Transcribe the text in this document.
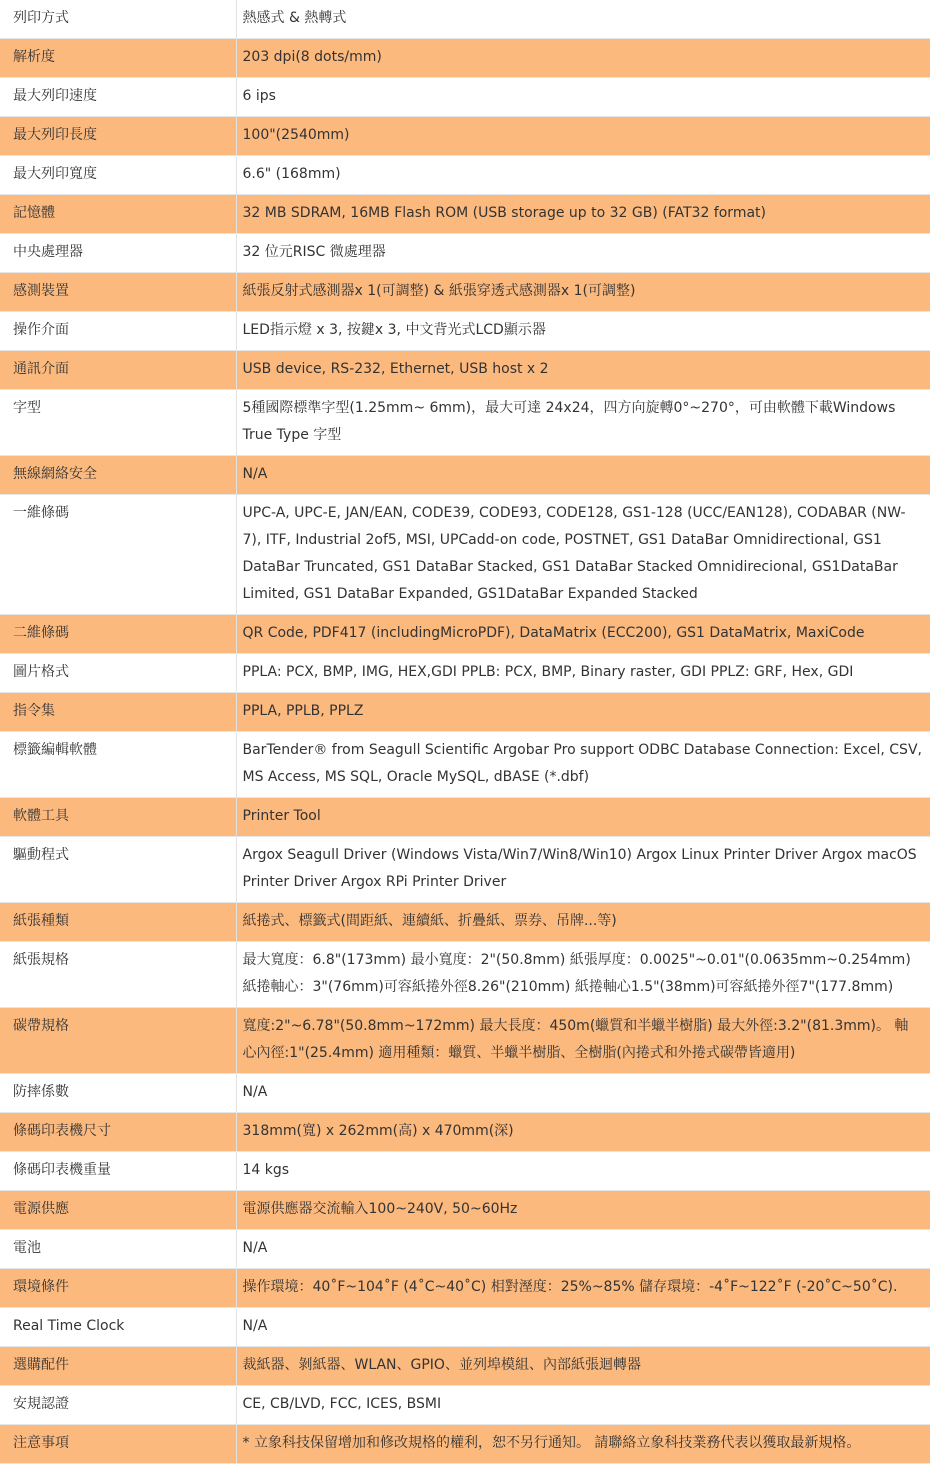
列印方式	熱感式 & 熱轉式
解析度	203 dpi(8 dots/mm)
最大列印速度	6 ips
最大列印長度	100"(2540mm)
最大列印寬度	6.6" (168mm)
記憶體	32 MB SDRAM, 16MB Flash ROM (USB storage up to 32 GB) (FAT32 format)
中央處理器	32 位元RISC 微處理器
感測裝置	紙張反射式感測器x 1(可調整) & 紙張穿透式感測器x 1(可調整)
操作介面	LED指示燈 x 3, 按鍵x 3, 中文背光式LCD顯示器
通訊介面	USB device, RS-232, Ethernet, USB host x 2
字型	5種國際標準字型(1.25mm~ 6mm)，最大可達 24x24，四方向旋轉0°~270°，可由軟體下載Windows True Type 字型
無線網絡安全	N/A
一維條碼	UPC-A, UPC-E, JAN/EAN, CODE39, CODE93, CODE128, GS1-128 (UCC/EAN128), CODABAR (NW-7), ITF, Industrial 2of5, MSI, UPCadd-on code, POSTNET, GS1 DataBar Omnidirectional, GS1 DataBar Truncated, GS1 DataBar Stacked, GS1 DataBar Stacked Omnidirecional, GS1DataBar Limited, GS1 DataBar Expanded, GS1DataBar Expanded Stacked
二維條碼	QR Code, PDF417 (includingMicroPDF), DataMatrix (ECC200), GS1 DataMatrix, MaxiCode
圖片格式	PPLA: PCX, BMP, IMG, HEX,GDI PPLB: PCX, BMP, Binary raster, GDI PPLZ: GRF, Hex, GDI
指令集	PPLA, PPLB, PPLZ
標籤編輯軟體	BarTender® from Seagull Scientific Argobar Pro support ODBC Database Connection: Excel, CSV, MS Access, MS SQL, Oracle MySQL, dBASE (*.dbf)
軟體工具	Printer Tool
驅動程式	Argox Seagull Driver (Windows Vista/Win7/Win8/Win10) Argox Linux Printer Driver Argox macOS Printer Driver Argox RPi Printer Driver
紙張種類	紙捲式、標籤式(間距紙、連續紙、折疊紙、票券、吊牌...等)
紙張規格	最大寬度：6.8"(173mm) 最小寬度：2"(50.8mm) 紙張厚度：0.0025"~0.01"(0.0635mm~0.254mm) 紙捲軸心：3"(76mm)可容紙捲外徑8.26"(210mm) 紙捲軸心1.5"(38mm)可容紙捲外徑7"(177.8mm)
碳帶規格	寬度:2"~6.78"(50.8mm~172mm) 最大長度：450m(蠟質和半蠟半樹脂) 最大外徑:3.2"(81.3mm)。 軸心內徑:1"(25.4mm) 適用種類：蠟質、半蠟半樹脂、全樹脂(內捲式和外捲式碳帶皆適用)
防摔係數	N/A
條碼印表機尺寸	318mm(寬) x 262mm(高) x 470mm(深)
條碼印表機重量	14 kgs
電源供應	電源供應器交流輸入100~240V, 50~60Hz
電池	N/A
環境條件	操作環境：40˚F~104˚F (4˚C~40˚C) 相對溼度：25%~85% 儲存環境：-4˚F~122˚F (-20˚C~50˚C).
Real Time Clock	N/A
選購配件	裁紙器、剝紙器、WLAN、GPIO、並列埠模組、內部紙張迴轉器
安規認證	CE, CB/LVD, FCC, ICES, BSMI
注意事項	* 立象科技保留增加和修改規格的權利，恕不另行通知。 請聯絡立象科技業務代表以獲取最新規格。
